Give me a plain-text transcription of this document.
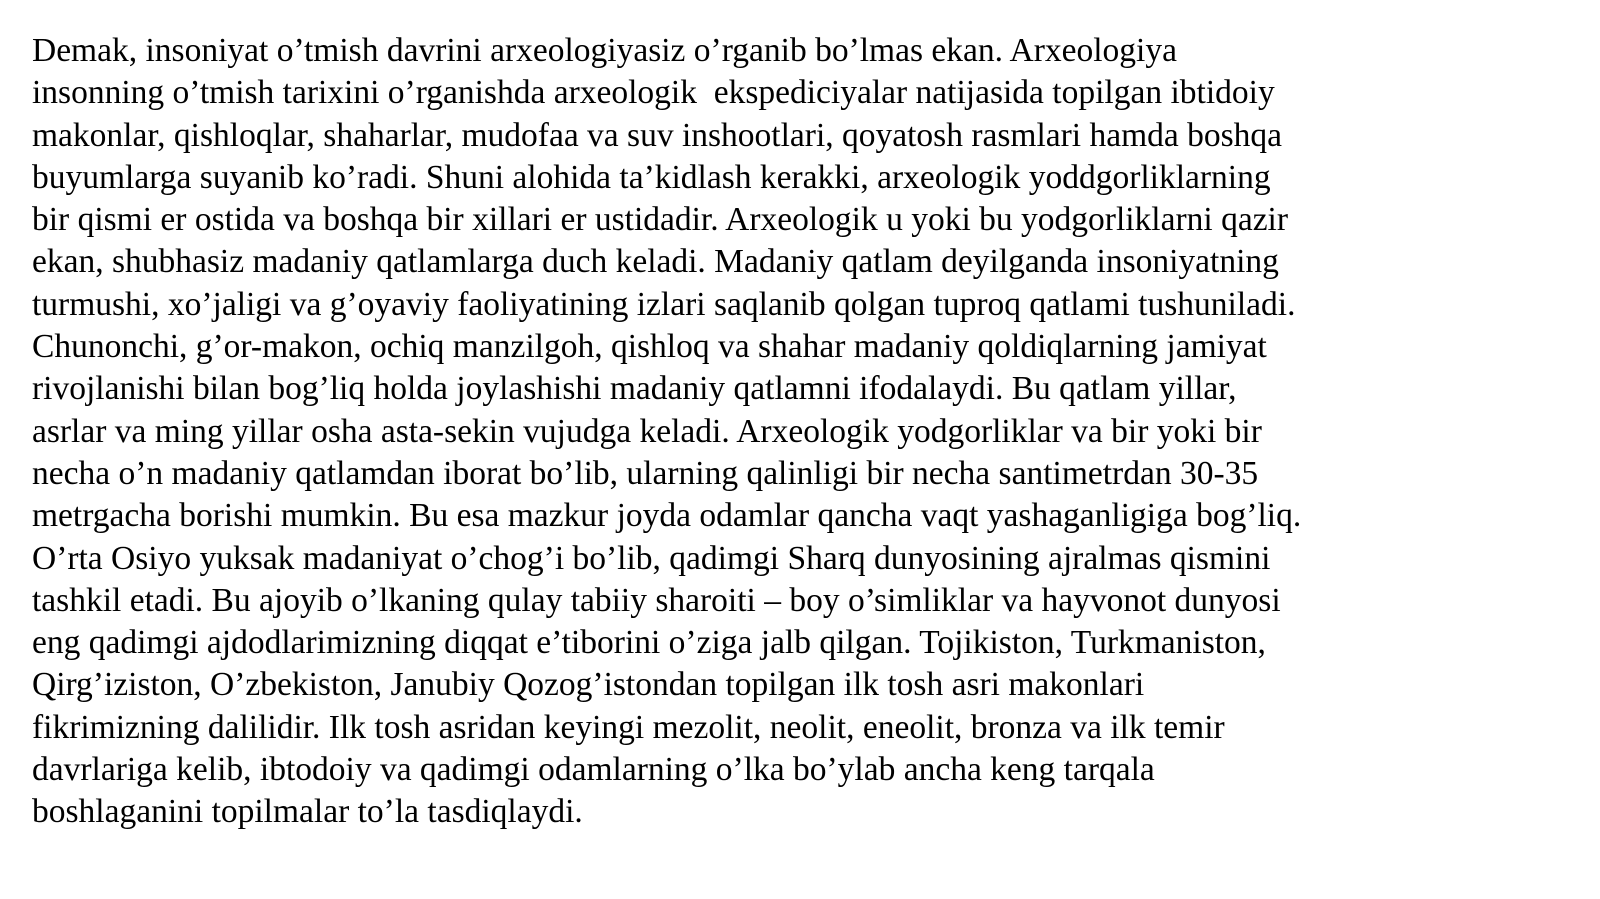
Demak, insoniyat o’tmish davrini arxeologiyasiz o’rganib bo’lmas ekan. Arxeologiya
insonning o’tmish tarixini o’rganishda arxeologik  ekspediciyalar natijasida topilgan ibtidoiy
makonlar, qishloqlar, shaharlar, mudofaa va suv inshootlari, qoyatosh rasmlari hamda boshqa
buyumlarga suyanib ko’radi. Shuni alohida ta’kidlash kerakki, arxeologik yoddgorliklarning
bir qismi er ostida va boshqa bir xillari er ustidadir. Arxeologik u yoki bu yodgorliklarni qazir
ekan, shubhasiz madaniy qatlamlarga duch keladi. Madaniy qatlam deyilganda insoniyatning
turmushi, xo’jaligi va g’oyaviy faoliyatining izlari saqlanib qolgan tuproq qatlami tushuniladi.
Chunonchi, g’or-makon, ochiq manzilgoh, qishloq va shahar madaniy qoldiqlarning jamiyat
rivojlanishi bilan bog’liq holda joylashishi madaniy qatlamni ifodalaydi. Bu qatlam yillar,
asrlar va ming yillar osha asta-sekin vujudga keladi. Arxeologik yodgorliklar va bir yoki bir
necha o’n madaniy qatlamdan iborat bo’lib, ularning qalinligi bir necha santimetrdan 30-35
metrgacha borishi mumkin. Bu esa mazkur joyda odamlar qancha vaqt yashaganligiga bog’liq.
O’rta Osiyo yuksak madaniyat o’chog’i bo’lib, qadimgi Sharq dunyosining ajralmas qismini
tashkil etadi. Bu ajoyib o’lkaning qulay tabiiy sharoiti – boy o’simliklar va hayvonot dunyosi
eng qadimgi ajdodlarimizning diqqat e’tiborini o’ziga jalb qilgan. Tojikiston, Turkmaniston,
Qirg’iziston, O’zbekiston, Janubiy Qozog’istondan topilgan ilk tosh asri makonlari
fikrimizning dalilidir. Ilk tosh asridan keyingi mezolit, neolit, eneolit, bronza va ilk temir
davrlariga kelib, ibtodoiy va qadimgi odamlarning o’lka bo’ylab ancha keng tarqala
boshlaganini topilmalar to’la tasdiqlaydi.
